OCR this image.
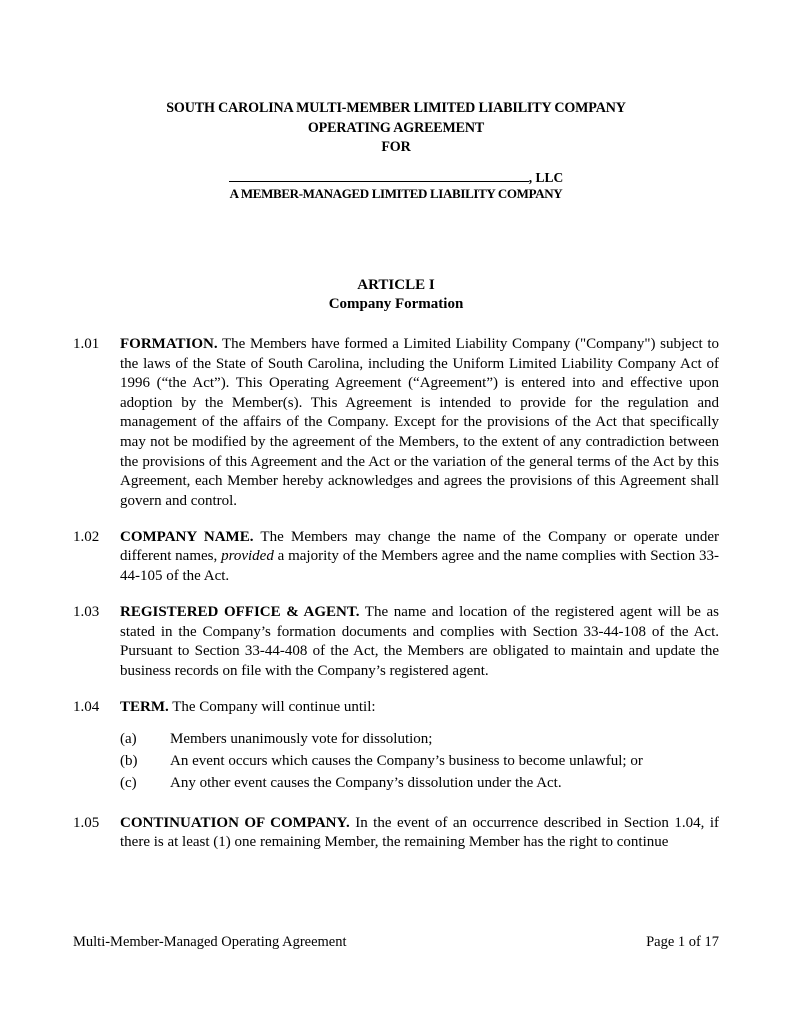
SOUTH CAROLINA MULTI-MEMBER LIMITED LIABILITY COMPANY
OPERATING AGREEMENT
FOR
, LLC
A MEMBER-MANAGED LIMITED LIABILITY COMPANY
ARTICLE I
Company Formation
1.01 FORMATION. The Members have formed a Limited Liability Company ("Company") subject to the laws of the State of South Carolina, including the Uniform Limited Liability Company Act of 1996 (“the Act”). This Operating Agreement (“Agreement”) is entered into and effective upon adoption by the Member(s). This Agreement is intended to provide for the regulation and management of the affairs of the Company. Except for the provisions of the Act that specifically may not be modified by the agreement of the Members, to the extent of any contradiction between the provisions of this Agreement and the Act or the variation of the general terms of the Act by this Agreement, each Member hereby acknowledges and agrees the provisions of this Agreement shall govern and control.
1.02 COMPANY NAME. The Members may change the name of the Company or operate under different names, provided a majority of the Members agree and the name complies with Section 33-44-105 of the Act.
1.03 REGISTERED OFFICE & AGENT. The name and location of the registered agent will be as stated in the Company’s formation documents and complies with Section 33-44-108 of the Act. Pursuant to Section 33-44-408 of the Act, the Members are obligated to maintain and update the business records on file with the Company’s registered agent.
1.04 TERM. The Company will continue until:
(a) Members unanimously vote for dissolution;
(b) An event occurs which causes the Company’s business to become unlawful; or
(c) Any other event causes the Company’s dissolution under the Act.
1.05 CONTINUATION OF COMPANY. In the event of an occurrence described in Section 1.04, if there is at least (1) one remaining Member, the remaining Member has the right to continue
Multi-Member-Managed Operating Agreement	Page 1 of 17
